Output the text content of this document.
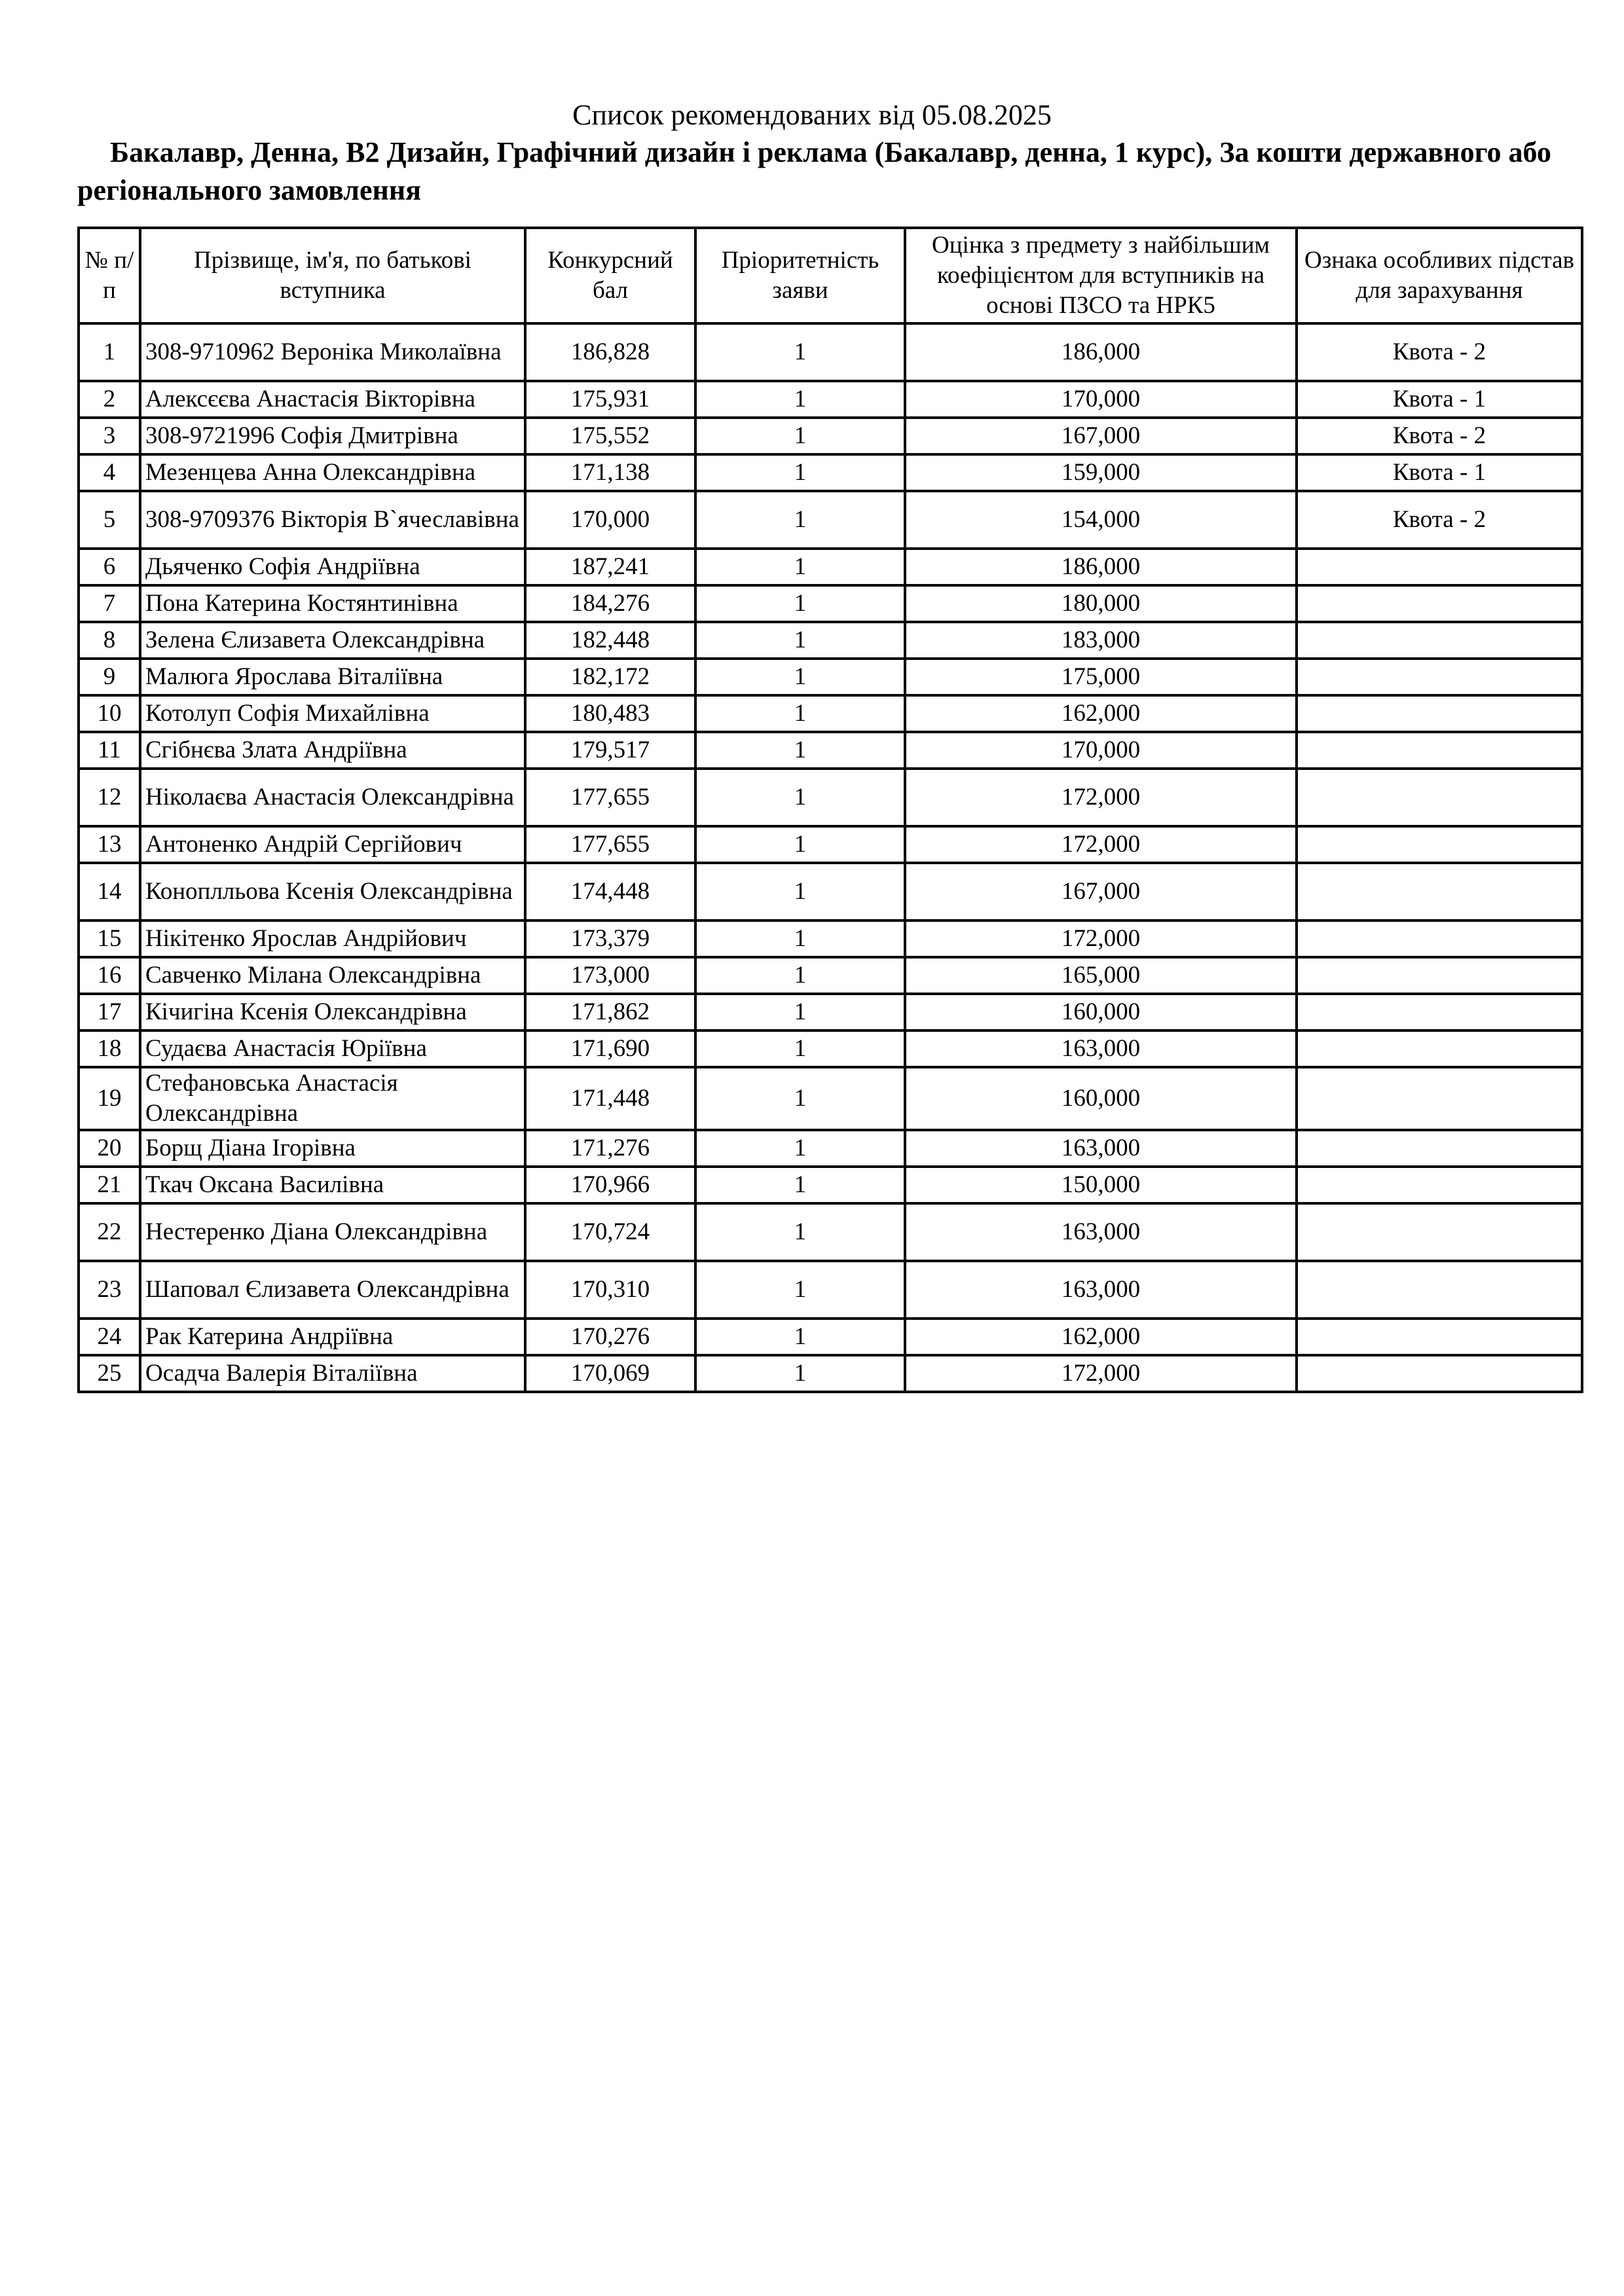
Список рекомендованих від 05.08.2025
Бакалавр, Денна, В2 Дизайн, Графічний дизайн і реклама (Бакалавр, денна, 1 курс), За кошти державного або регіонального замовлення
№ п/п	Прізвище, ім'я, по батькові вступника	Конкурсний бал	Пріоритетність заяви	Оцінка з предмету з найбільшим коефіцієнтом для вступників на основі ПЗСО та НРК5	Ознака особливих підстав для зарахування
1	308-9710962 Вероніка Миколаївна	186,828	1	186,000	Квота - 2
2	Алексєєва Анастасія Вікторівна	175,931	1	170,000	Квота - 1
3	308-9721996 Софія Дмитрівна	175,552	1	167,000	Квота - 2
4	Мезенцева Анна Олександрівна	171,138	1	159,000	Квота - 1
5	308-9709376 Вікторія В`ячеславівна	170,000	1	154,000	Квота - 2
6	Дьяченко Софія Андріївна	187,241	1	186,000	
7	Пона Катерина Костянтинівна	184,276	1	180,000	
8	Зелена Єлизавета Олександрівна	182,448	1	183,000	
9	Малюга Ярослава Віталіївна	182,172	1	175,000	
10	Котолуп Софія Михайлівна	180,483	1	162,000	
11	Сгібнєва Злата Андріївна	179,517	1	170,000	
12	Ніколаєва Анастасія Олександрівна	177,655	1	172,000	
13	Антоненко Андрій Сергійович	177,655	1	172,000	
14	Коноплльова Ксенія Олександрівна	174,448	1	167,000	
15	Нікітенко Ярослав Андрійович	173,379	1	172,000	
16	Савченко Мілана Олександрівна	173,000	1	165,000	
17	Кічигіна Ксенія Олександрівна	171,862	1	160,000	
18	Судаєва Анастасія Юріївна	171,690	1	163,000	
19	Стефановська Анастасія Олександрівна	171,448	1	160,000	
20	Борщ Діана Ігорівна	171,276	1	163,000	
21	Ткач Оксана Василівна	170,966	1	150,000	
22	Нестеренко Діана Олександрівна	170,724	1	163,000	
23	Шаповал Єлизавета Олександрівна	170,310	1	163,000	
24	Рак Катерина Андріївна	170,276	1	162,000	
25	Осадча Валерія Віталіївна	170,069	1	172,000	
